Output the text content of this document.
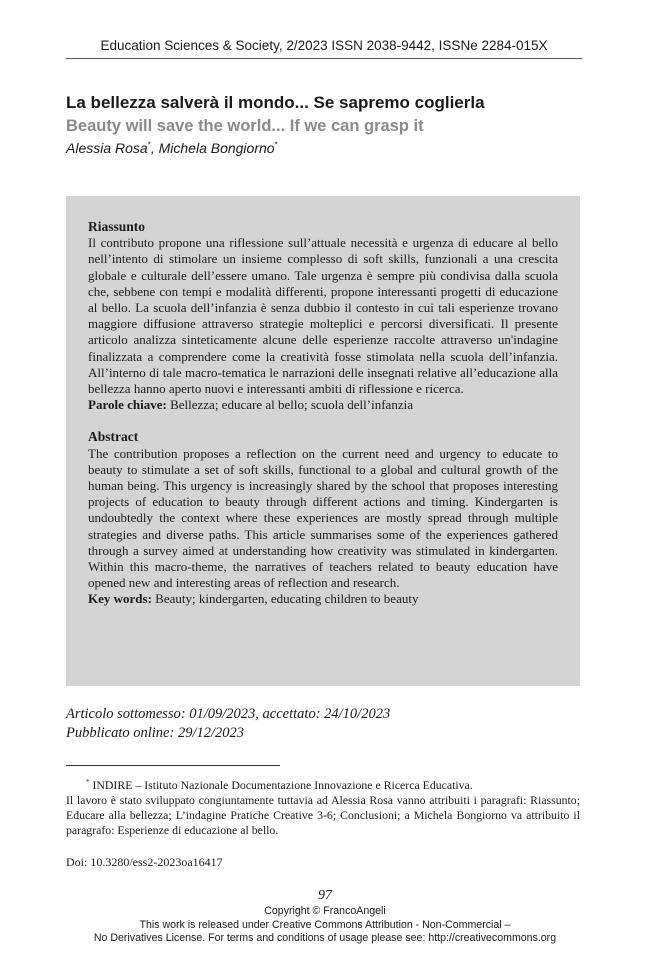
Education Sciences & Society, 2/2023 ISSN 2038-9442, ISSNe 2284-015X
La bellezza salverà il mondo... Se sapremo coglierla
Beauty will save the world... If we can grasp it
Alessia Rosa*, Michela Bongiorno*
Riassunto
Il contributo propone una riflessione sull’attuale necessità e urgenza di educare al bello nell’intento di stimolare un insieme complesso di soft skills, funzionali a una crescita globale e culturale dell’essere umano. Tale urgenza è sempre più condivisa dalla scuola che, sebbene con tempi e modalità differenti, propone interessanti progetti di educazione al bello. La scuola dell’infanzia è senza dubbio il contesto in cui tali esperienze trovano maggiore diffusione attraverso strategie molteplici e percorsi diversificati. Il presente articolo analizza sinteticamente alcune delle esperienze raccolte attraverso un'indagine finalizzata a comprendere come la creatività fosse stimolata nella scuola dell’infanzia. All’interno di tale macro-tematica le narrazioni delle insegnati relative all’educazione alla bellezza hanno aperto nuovi e interessanti ambiti di riflessione e ricerca.
Parole chiave: Bellezza; educare al bello; scuola dell’infanzia
Abstract
The contribution proposes a reflection on the current need and urgency to educate to beauty to stimulate a set of soft skills, functional to a global and cultural growth of the human being. This urgency is increasingly shared by the school that proposes interesting projects of education to beauty through different actions and timing. Kindergarten is undoubtedly the context where these experiences are mostly spread through multiple strategies and diverse paths. This article summarises some of the experiences gathered through a survey aimed at understanding how creativity was stimulated in kindergarten. Within this macro-theme, the narratives of teachers related to beauty education have opened new and interesting areas of reflection and research.
Key words: Beauty; kindergarten, educating children to beauty
Articolo sottomesso: 01/09/2023, accettato: 24/10/2023
Pubblicato online: 29/12/2023
* INDIRE – Istituto Nazionale Documentazione Innovazione e Ricerca Educativa.
Il lavoro è stato sviluppato congiuntamente tuttavia ad Alessia Rosa vanno attribuiti i paragrafi: Riassunto; Educare alla bellezza; L’indagine Pratiche Creative 3-6; Conclusioni; a Michela Bongiorno va attribuito il paragrafo: Esperienze di educazione al bello.
Doi: 10.3280/ess2-2023oa16417
97
Copyright © FrancoAngeli
This work is released under Creative Commons Attribution - Non-Commercial –
No Derivatives License. For terms and conditions of usage please see: http://creativecommons.org
